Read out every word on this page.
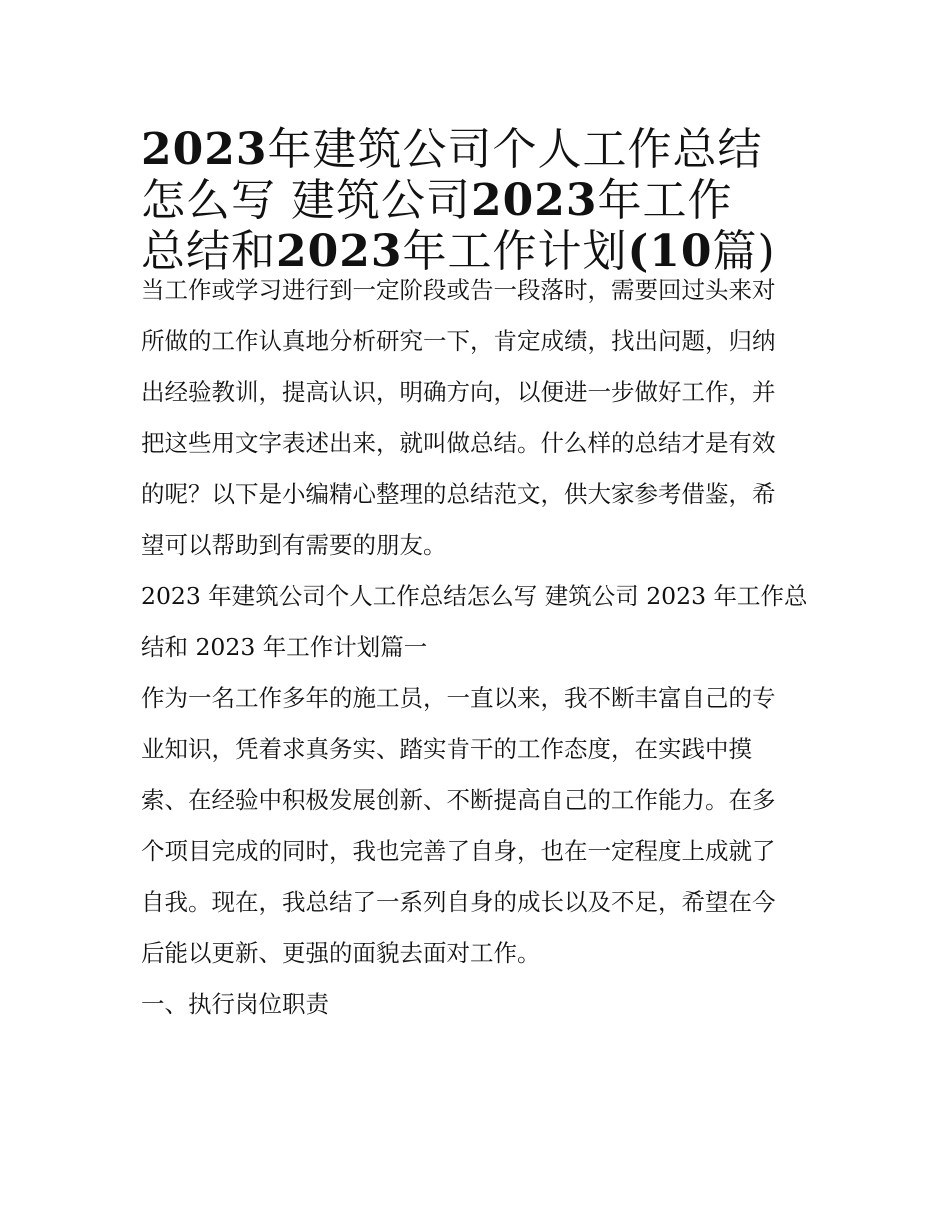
2023年建筑公司个人工作总结
怎么写 建筑公司2023年工作
总结和2023年工作计划(10篇)
当工作或学习进行到一定阶段或告一段落时，需要回过头来对
所做的工作认真地分析研究一下，肯定成绩，找出问题，归纳
出经验教训，提高认识，明确方向，以便进一步做好工作，并
把这些用文字表述出来，就叫做总结。什么样的总结才是有效
的呢？以下是小编精心整理的总结范文，供大家参考借鉴，希
望可以帮助到有需要的朋友。
2023 年建筑公司个人工作总结怎么写 建筑公司 2023 年工作总
结和 2023 年工作计划篇一
作为一名工作多年的施工员，一直以来，我不断丰富自己的专
业知识，凭着求真务实、踏实肯干的工作态度，在实践中摸
索、在经验中积极发展创新、不断提高自己的工作能力。在多
个项目完成的同时，我也完善了自身，也在一定程度上成就了
自我。现在，我总结了一系列自身的成长以及不足，希望在今
后能以更新、更强的面貌去面对工作。
一、执行岗位职责
